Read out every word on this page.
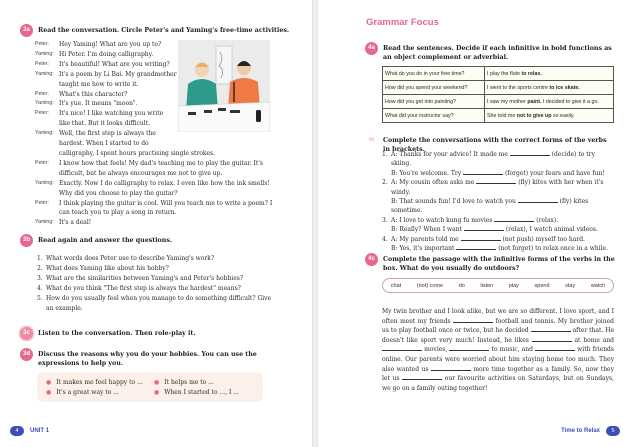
3a	Read the conversation. Circle Peter's and Yaming's free-time activities.
Peter:	Hey Yaming! What are you up to?
Yaming: Hi Peter. I'm doing calligraphy.
Peter:	It's beautiful! What are you writing?
Yaming: It's a poem by Li Bai. My grandmother
taught me how to write it.
Peter:	What's this character?
Yaming: It's yue. It means "moon".
Peter:	It's nice! I like watching you write
like that. But it looks difficult.
Yaming: Well, the first step is always the
hardest. When I started to do
calligraphy, I spent hours practising single strokes.
Peter:	I know how that feels! My dad's teaching me to play the guitar. It's
difficult, but he always encourages me not to give up.
Yaming: Exactly. Now I do calligraphy to relax. I even like how the ink smells!
Why did you choose to play the guitar?
Peter:	I think playing the guitar is cool. Will you teach me to write a poem? I
can teach you to play a song in return.
Yaming: It's a deal!
3b	Read again and answer the questions.
1. What words does Peter use to describe Yaming's work?
2. What does Yaming like about his hobby?
3. What are the similarities between Yaming's and Peter's hobbies?
4. What do you think "The first step is always the hardest" means?
5. How do you usually feel when you manage to do something difficult? Give an example.
3c	Listen to the conversation. Then role-play it.
3d	Discuss the reasons why you do your hobbies. You can use the expressions to help you.
● It makes me feel happy to ... ● It helps me to ...
● It's a great way to ...	● When I started to ..., I ...
4	UNIT 1
Grammar Focus
4a	Read the sentences. Decide if each infinitive in bold functions as an object complement or adverbial.
What do you do in your free time?	I play the flute to relax.
How did you spend your weekend?	I went to the sports centre to ice skate.
How did you get into painting?	I saw my mother paint. I decided to give it a go.
What did your instructor say?	She told me not to give up so easily.
4b	Complete the conversations with the correct forms of the verbs in brackets.
1. A: Thanks for your advice! It made me	(decide) to try skiing.
B: You're welcome. Try	(forget) your fears and have fun!
2. A: My cousin often asks me	(fly) kites with her when it's windy.
B: That sounds fun! I'd love to watch you	(fly) kites sometime.
3. A: I love to watch kung fu movies	(relax).
B: Really? When I want	(relax), I watch animal videos.
4. A: My parents told me	(not push) myself too hard.
B: Yes, it's important	(not forget) to relax once in a while.
4c	Complete the passage with the infinitive forms of the verbs in the box. What do you usually do outdoors?
chat	(not) come	do	listen	play	spend	stay	watch
My twin brother and I look alike, but we are so different. I love sport, and I often meet my friends	football and tennis. My brother joined us to play football once or twice, but he decided	after that. He doesn't like sport very much! Instead, he likes	at home and  movies,	to music, and	with friends online. Our parents were worried about him staying home too much. They also wanted us	more time together as a family. So, now they let us	our favourite activities on Saturdays, but on Sundays, we go on a family outing together!
Time to Relax	5
